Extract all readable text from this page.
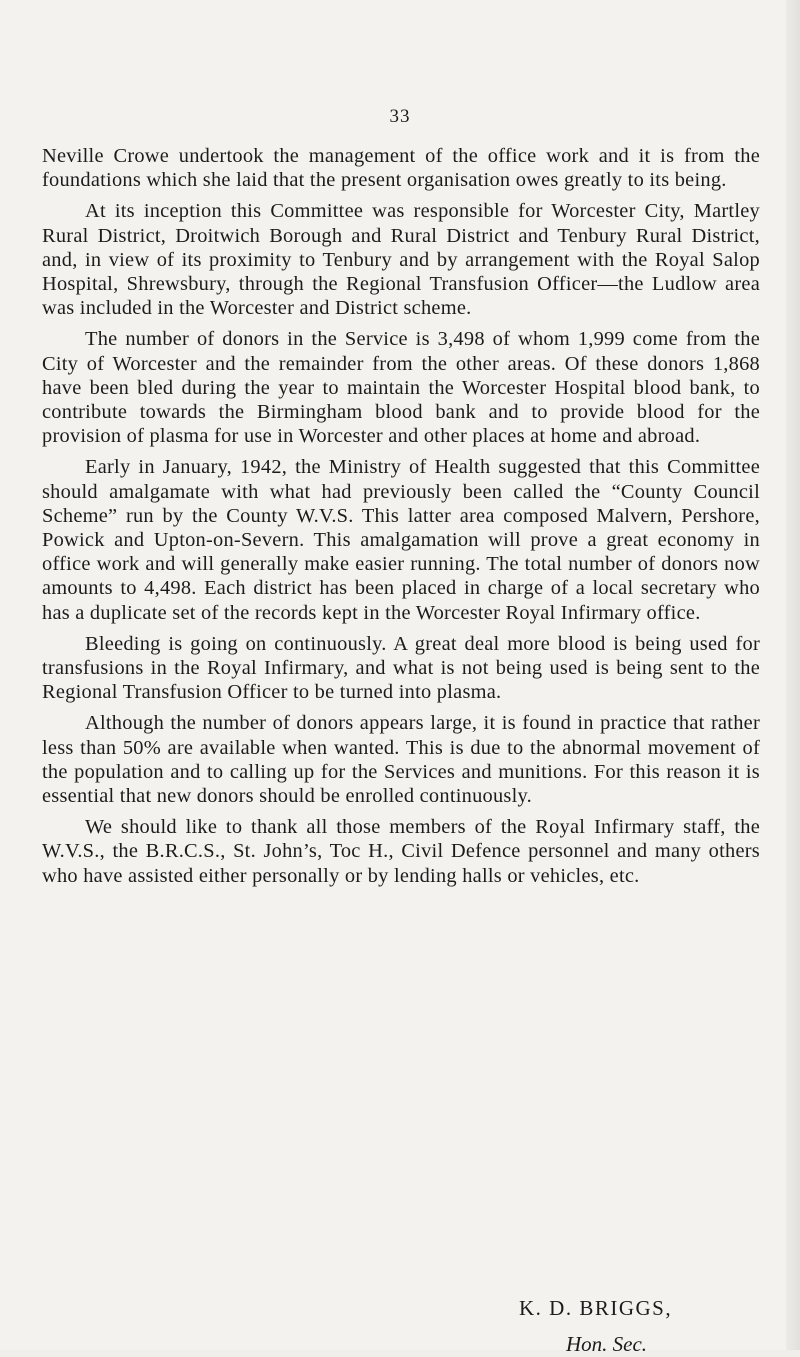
33

Neville Crowe undertook the management of the office work and it is from the foundations which she laid that the present organisation owes greatly to its being.

At its inception this Committee was responsible for Worcester City, Martley Rural District, Droitwich Borough and Rural District and Tenbury Rural District, and, in view of its proximity to Tenbury and by arrangement with the Royal Salop Hospital, Shrewsbury, through the Regional Transfusion Officer—the Ludlow area was included in the Worcester and District scheme.

The number of donors in the Service is 3,498 of whom 1,999 come from the City of Worcester and the remainder from the other areas. Of these donors 1,868 have been bled during the year to maintain the Worcester Hospital blood bank, to contribute towards the Birmingham blood bank and to provide blood for the provision of plasma for use in Worcester and other places at home and abroad.

Early in January, 1942, the Ministry of Health suggested that this Committee should amalgamate with what had previously been called the “County Council Scheme” run by the County W.V.S. This latter area composed Malvern, Pershore, Powick and Upton-on-Severn. This amalgamation will prove a great economy in office work and will generally make easier running. The total number of donors now amounts to 4,498. Each district has been placed in charge of a local secretary who has a duplicate set of the records kept in the Worcester Royal Infirmary office.

Bleeding is going on continuously. A great deal more blood is being used for transfusions in the Royal Infirmary, and what is not being used is being sent to the Regional Transfusion Officer to be turned into plasma.

Although the number of donors appears large, it is found in practice that rather less than 50% are available when wanted. This is due to the abnormal movement of the population and to calling up for the Services and munitions. For this reason it is essential that new donors should be enrolled continuously.

We should like to thank all those members of the Royal Infirmary staff, the W.V.S., the B.R.C.S., St. John’s, Toc H., Civil Defence personnel and many others who have assisted either personally or by lending halls or vehicles, etc.

K. D. BRIGGS,
Hon. Sec.
